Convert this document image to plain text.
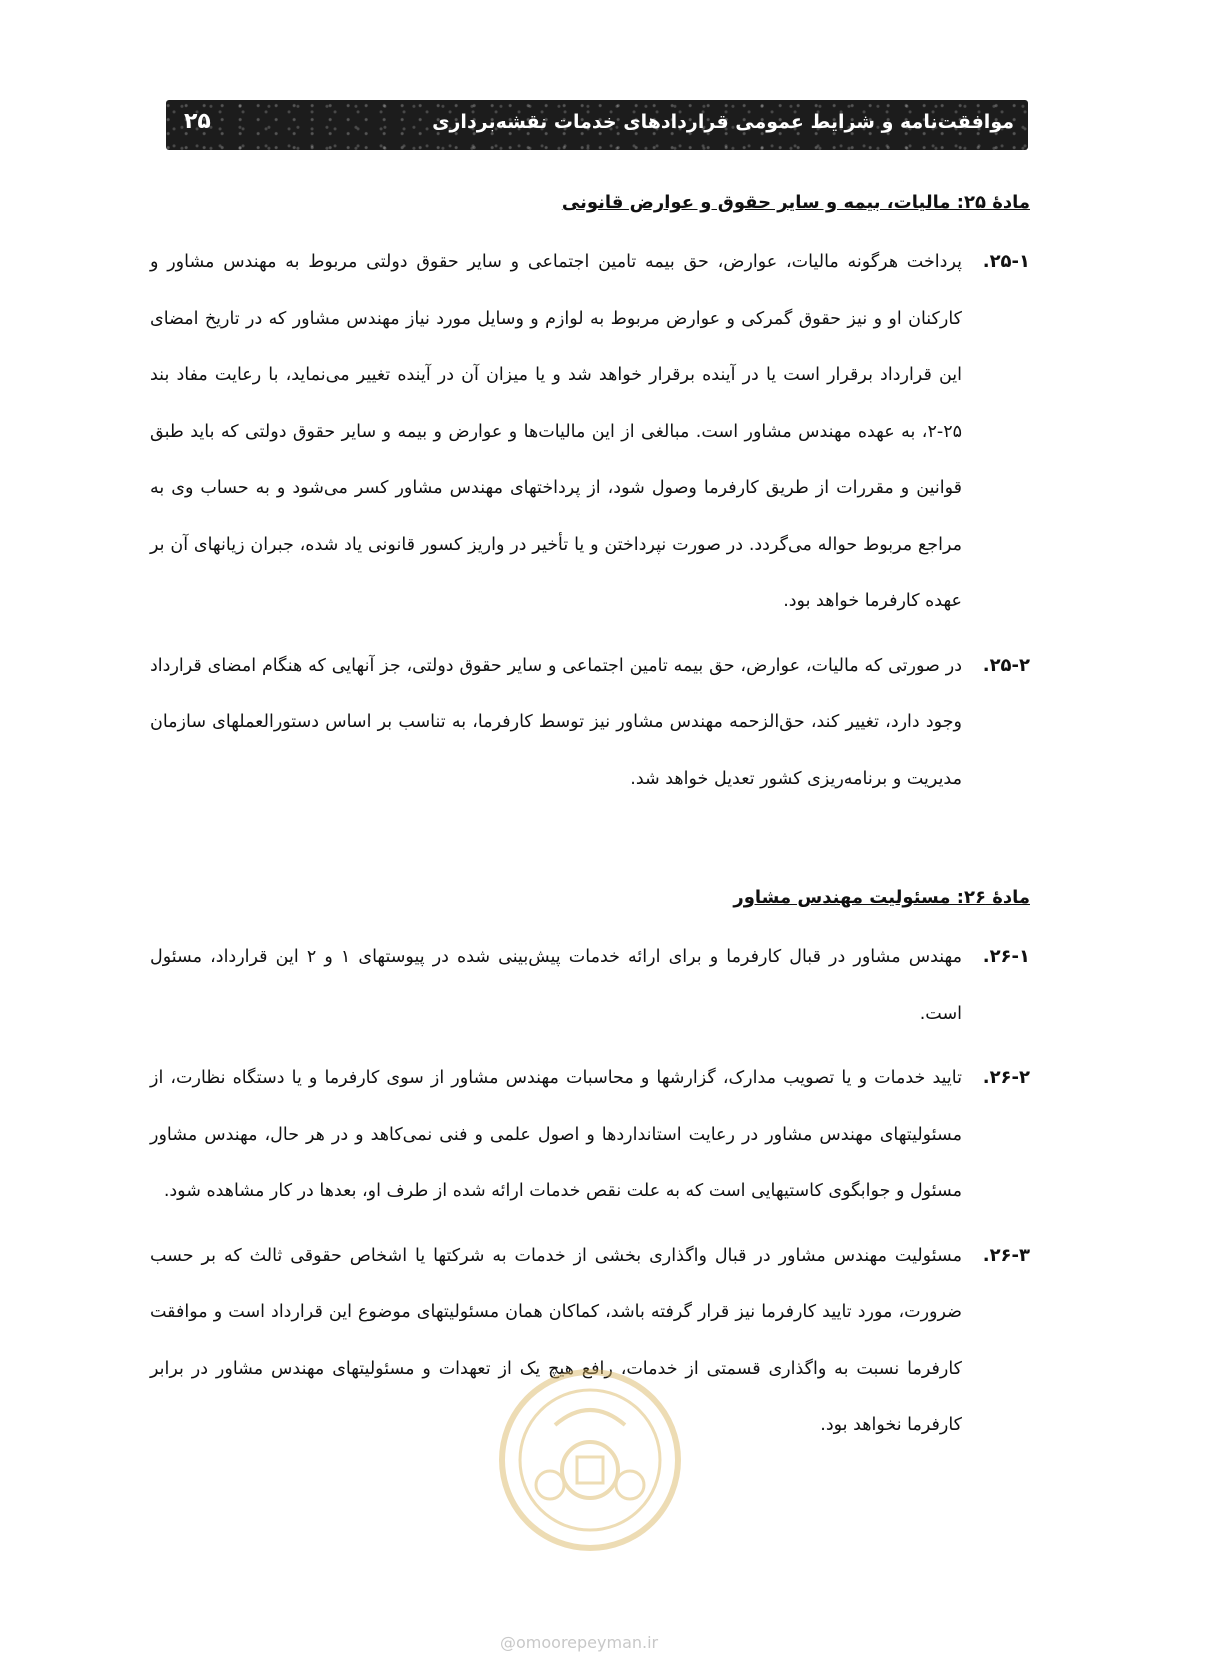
موافقت‌نامه و شرایط عمومی قراردادهای خدمات نقشه‌برداری
۲۵
مادهٔ ۲۵: مالیات، بیمه و سایر حقوق و عوارض قانونی
۲۵-۱.
پرداخت هرگونه مالیات، عوارض، حق بیمه تامین اجتماعی و سایر حقوق دولتی مربوط به مهندس مشاور و کارکنان او و نیز حقوق گمرکی و عوارض مربوط به لوازم و وسایل مورد نیاز مهندس مشاور که در تاریخ امضای این قرارداد برقرار است یا در آینده برقرار خواهد شد و یا میزان آن در آینده تغییر می‌نماید، با رعایت مفاد بند ۲۵-۲، به عهده مهندس مشاور است. مبالغی از این مالیات‌ها و عوارض و بیمه و سایر حقوق دولتی که باید طبق قوانین و مقررات از طریق کارفرما وصول شود، از پرداختهای مهندس مشاور کسر می‌شود و به حساب وی به مراجع مربوط حواله می‌گردد. در صورت نپرداختن و یا تأخیر در واریز کسور قانونی یاد شده، جبران زیانهای آن بر عهده کارفرما خواهد بود.
۲۵-۲.
در صورتی که مالیات، عوارض، حق بیمه تامین اجتماعی و سایر حقوق دولتی، جز آنهایی که هنگام امضای قرارداد وجود دارد، تغییر کند، حق‌الزحمه مهندس مشاور نیز توسط کارفرما، به تناسب بر اساس دستورالعملهای سازمان مدیریت و برنامه‌ریزی کشور تعدیل خواهد شد.
مادهٔ ۲۶: مسئولیت مهندس مشاور
۲۶-۱.
مهندس مشاور در قبال کارفرما و برای ارائه خدمات پیش‌بینی شده در پیوستهای ۱ و ۲ این قرارداد، مسئول است.
۲۶-۲.
تایید خدمات و یا تصویب مدارک، گزارشها و محاسبات مهندس مشاور از سوی کارفرما و یا دستگاه نظارت، از مسئولیتهای مهندس مشاور در رعایت استانداردها و اصول علمی و فنی نمی‌کاهد و در هر حال، مهندس مشاور مسئول و جوابگوی کاستیهایی است که به علت نقص خدمات ارائه شده از طرف او، بعدها در کار مشاهده شود.
۲۶-۳.
مسئولیت مهندس مشاور در قبال واگذاری بخشی از خدمات به شرکتها یا اشخاص حقوقی ثالث که بر حسب ضرورت، مورد تایید کارفرما نیز قرار گرفته باشد، کماکان همان مسئولیتهای موضوع این قرارداد است و موافقت کارفرما نسبت به واگذاری قسمتی از خدمات، رافع هیچ یک از تعهدات و مسئولیتهای مهندس مشاور در برابر کارفرما نخواهد بود.
@omoorepeyman.ir
